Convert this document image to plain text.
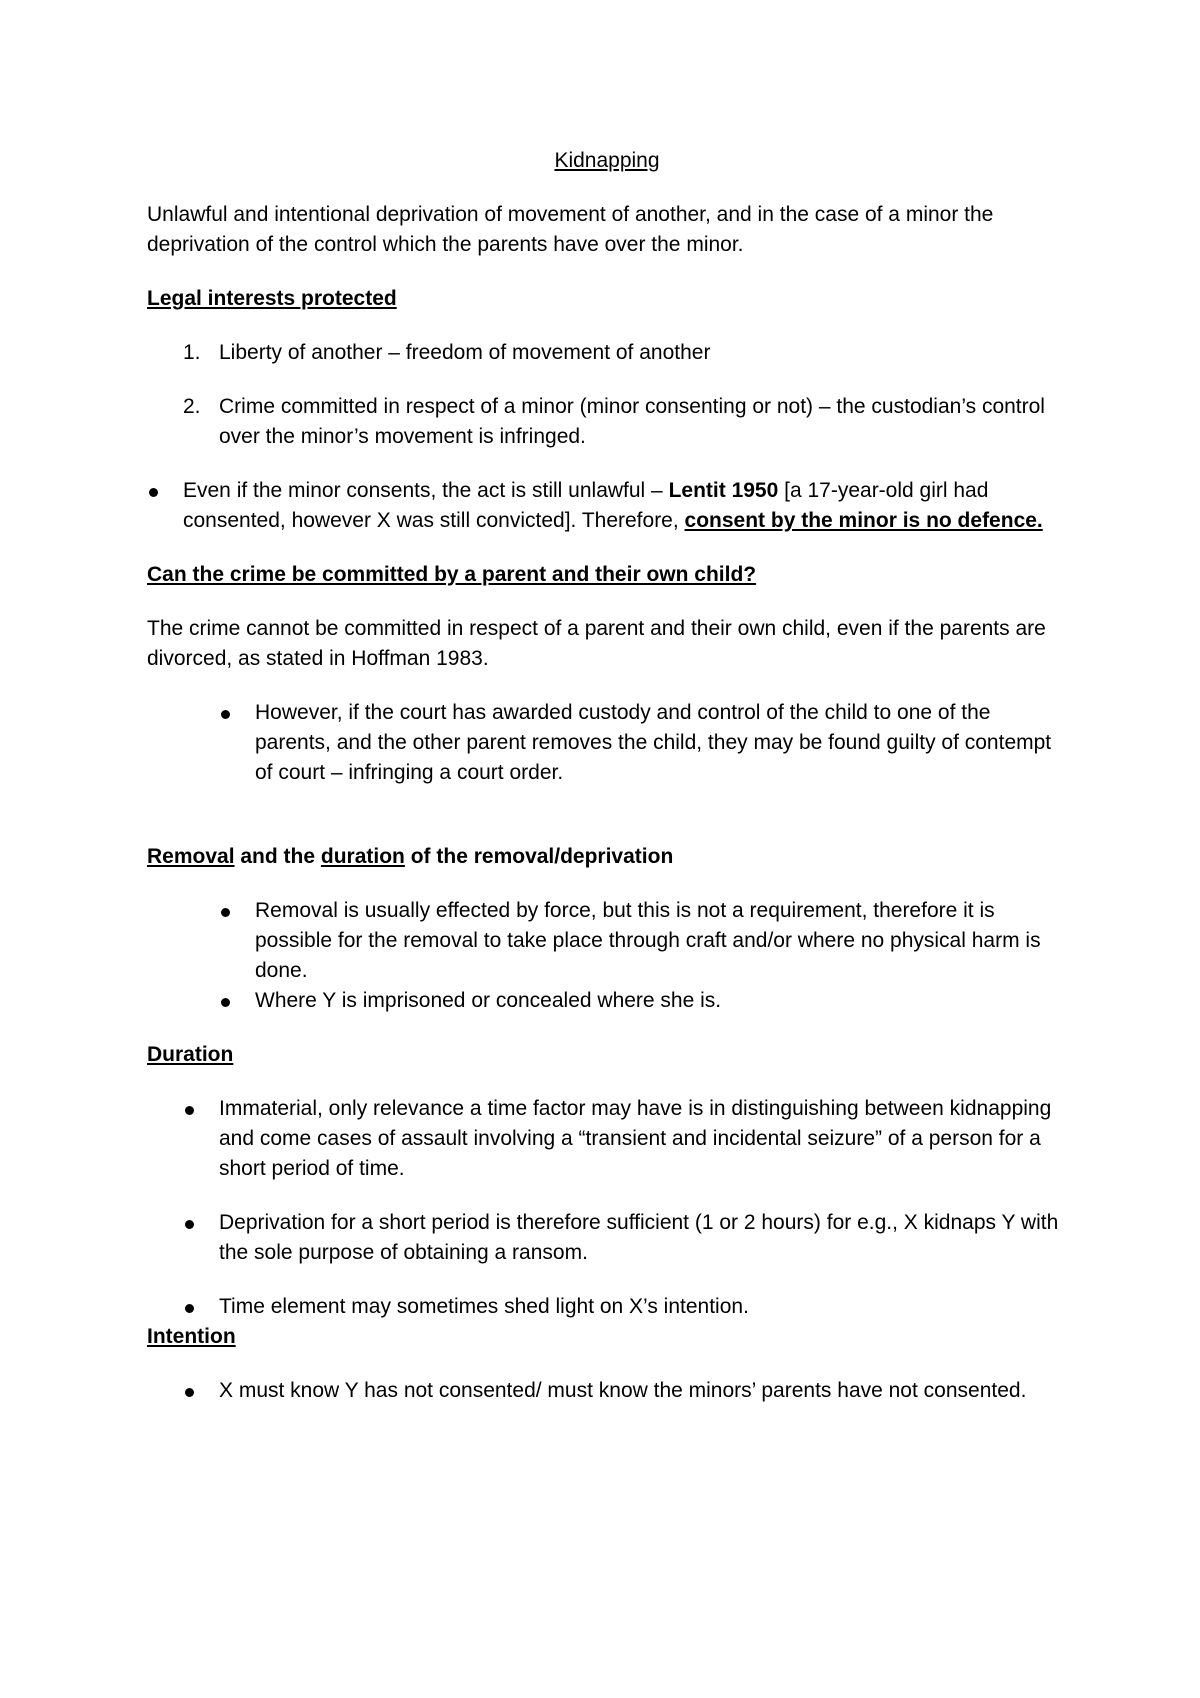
Kidnapping

Unlawful and intentional deprivation of movement of another, and in the case of a minor the deprivation of the control which the parents have over the minor.

Legal interests protected

1. Liberty of another – freedom of movement of another

2. Crime committed in respect of a minor (minor consenting or not) – the custodian’s control over the minor’s movement is infringed.

Even if the minor consents, the act is still unlawful – Lentit 1950 [a 17-year-old girl had consented, however X was still convicted]. Therefore, consent by the minor is no defence.

Can the crime be committed by a parent and their own child?

The crime cannot be committed in respect of a parent and their own child, even if the parents are divorced, as stated in Hoffman 1983.

However, if the court has awarded custody and control of the child to one of the parents, and the other parent removes the child, they may be found guilty of contempt of court – infringing a court order.

Removal and the duration of the removal/deprivation

Removal is usually effected by force, but this is not a requirement, therefore it is possible for the removal to take place through craft and/or where no physical harm is done.

Where Y is imprisoned or concealed where she is.

Duration

Immaterial, only relevance a time factor may have is in distinguishing between kidnapping and come cases of assault involving a “transient and incidental seizure” of a person for a short period of time.

Deprivation for a short period is therefore sufficient (1 or 2 hours) for e.g., X kidnaps Y with the sole purpose of obtaining a ransom.

Time element may sometimes shed light on X’s intention.

Intention

X must know Y has not consented/ must know the minors’ parents have not consented.
